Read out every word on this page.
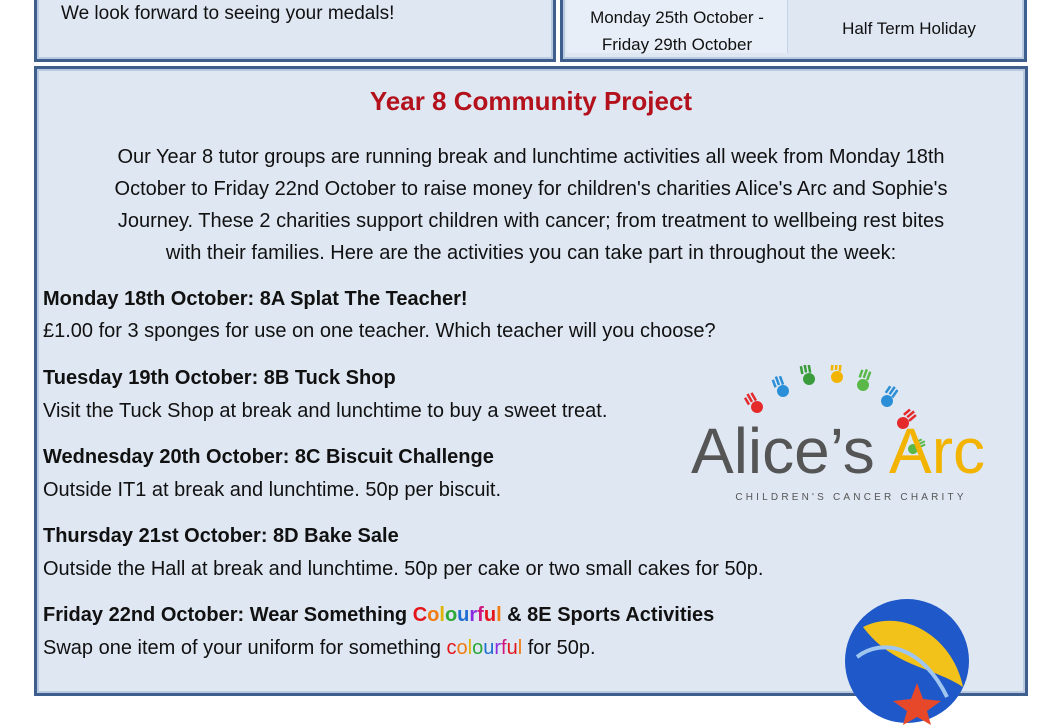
We look forward to seeing your medals!	Monday 25th October -
Friday 29th October
Half Term Holiday
Year 8 Community Project
Our Year 8 tutor groups are running break and lunchtime activities all week from Monday 18th
October to Friday 22nd October to raise money for children's charities Alice's Arc and Sophie's
Journey. These 2 charities support children with cancer; from treatment to wellbeing rest bites
with their families. Here are the activities you can take part in throughout the week:
Monday 18th October: 8A Splat The Teacher!
£1.00 for 3 sponges for use on one teacher. Which teacher will you choose?
Tuesday 19th October: 8B Tuck Shop
Visit the Tuck Shop at break and lunchtime to buy a sweet treat.
Wednesday 20th October: 8C Biscuit Challenge
Outside IT1 at break and lunchtime. 50p per biscuit.
Thursday 21st October: 8D Bake Sale
Outside the Hall at break and lunchtime. 50p per cake or two small cakes for 50p.
Friday 22nd October: Wear Something Colourful & 8E Sports Activities
Swap one item of your uniform for something colourful for 50p.
Alice’s Arc
CHILDREN'S CANCER CHARITY
